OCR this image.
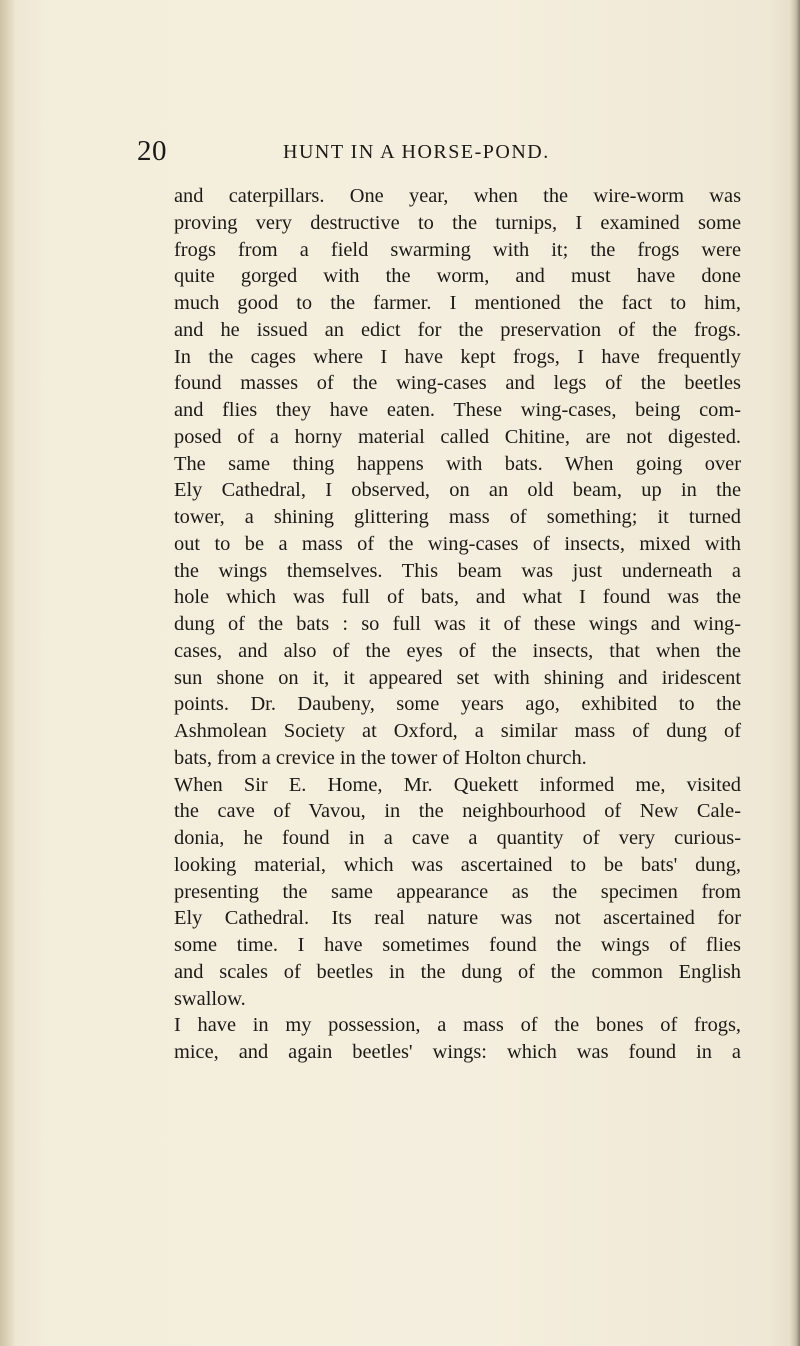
20	HUNT IN A HORSE-POND.
and caterpillars. One year, when the wire-worm was
proving very destructive to the turnips, I examined some
frogs from a field swarming with it; the frogs were
quite gorged with the worm, and must have done
much good to the farmer. I mentioned the fact to him,
and he issued an edict for the preservation of the frogs.
In the cages where I have kept frogs, I have frequently
found masses of the wing-cases and legs of the beetles
and flies they have eaten. These wing-cases, being com-
posed of a horny material called Chitine, are not digested.
The same thing happens with bats. When going over
Ely Cathedral, I observed, on an old beam, up in the
tower, a shining glittering mass of something; it turned
out to be a mass of the wing-cases of insects, mixed with
the wings themselves. This beam was just underneath a
hole which was full of bats, and what I found was the
dung of the bats : so full was it of these wings and wing-
cases, and also of the eyes of the insects, that when the
sun shone on it, it appeared set with shining and iridescent
points. Dr. Daubeny, some years ago, exhibited to the
Ashmolean Society at Oxford, a similar mass of dung of
bats, from a crevice in the tower of Holton church.
When Sir E. Home, Mr. Quekett informed me, visited
the cave of Vavou, in the neighbourhood of New Cale-
donia, he found in a cave a quantity of very curious-
looking material, which was ascertained to be bats' dung,
presenting the same appearance as the specimen from
Ely Cathedral. Its real nature was not ascertained for
some time. I have sometimes found the wings of flies
and scales of beetles in the dung of the common English
swallow.
I have in my possession, a mass of the bones of frogs,
mice, and again beetles' wings: which was found in a
